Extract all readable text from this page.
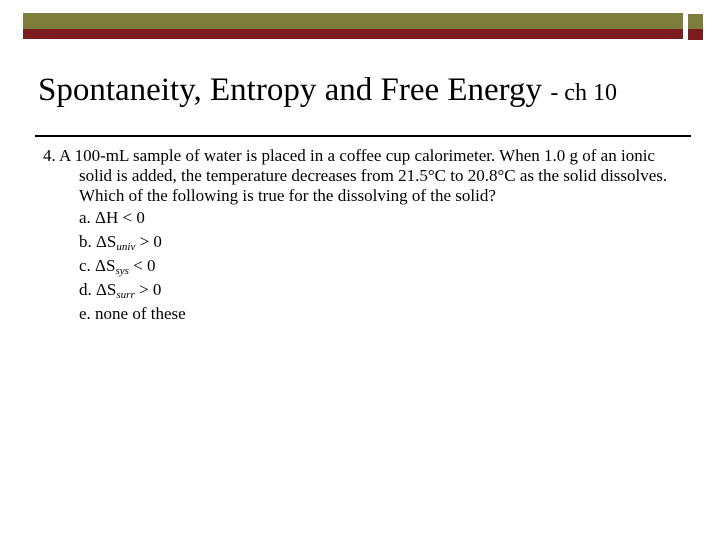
Spontaneity, Entropy and Free Energy - ch 10

4. A 100-mL sample of water is placed in a coffee cup calorimeter. When 1.0 g of an ionic solid is added, the temperature decreases from 21.5°C to 20.8°C as the solid dissolves. Which of the following is true for the dissolving of the solid?

a. ΔH < 0
b. $\Delta S_{univ} > 0$
c. $\Delta S_{sys} < 0$
d. $\Delta S_{surr} > 0$
e. none of these
